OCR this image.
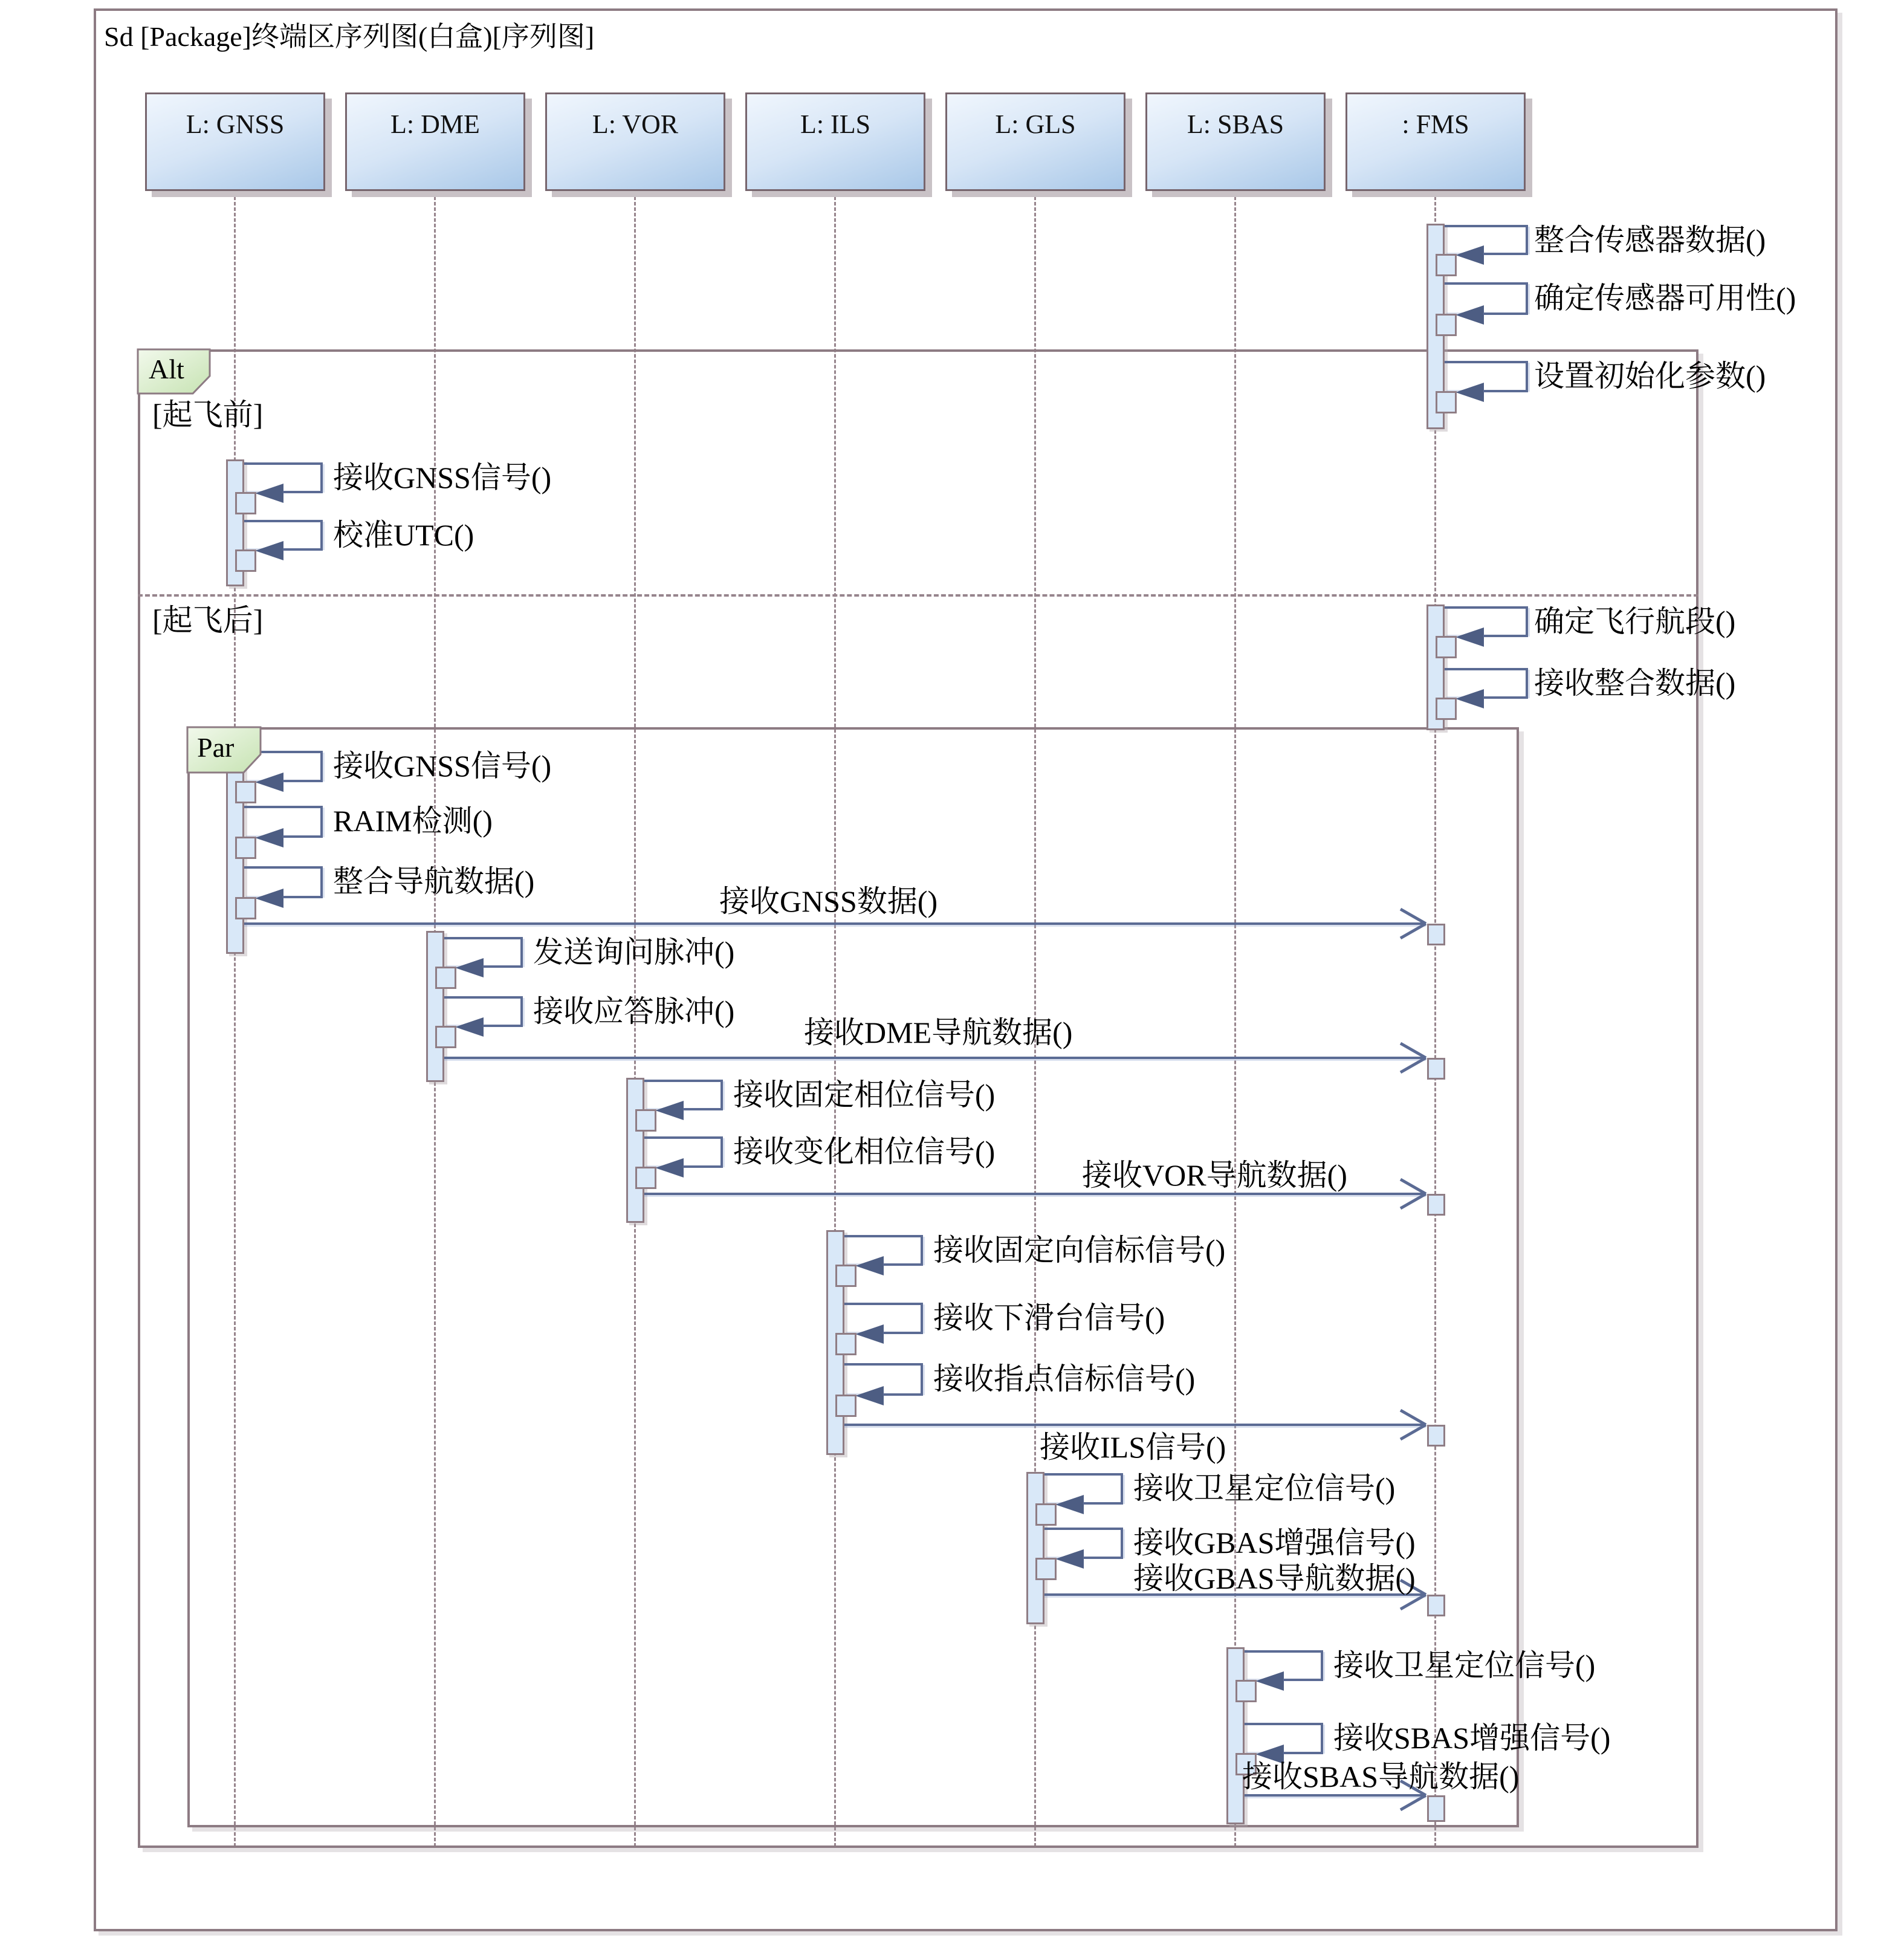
Sd [Package]终端区序列图(白盒)[序列图]
L: GNSS	L: DME	L: VOR	L: ILS	L: GLS	L: SBAS	: FMS
整合传感器数据()
确定传感器可用性()
设置初始化参数()
接收GNSS信号()
校准UTC()
确定飞行航段()
接收整合数据()
接收GNSS信号()
RAIM检测()
整合导航数据()
接收GNSS数据()
发送询问脉冲()
接收应答脉冲()
接收DME导航数据()
接收固定相位信号()
接收变化相位信号()
接收VOR导航数据()
接收固定向信标信号()
接收下滑台信号()
接收指点信标信号()
接收ILS信号()
接收卫星定位信号()
接收GBAS增强信号()
接收GBAS导航数据()
接收卫星定位信号()
接收SBAS增强信号()
接收SBAS导航数据()
Alt
[起飞前]
[起飞后]
Par
